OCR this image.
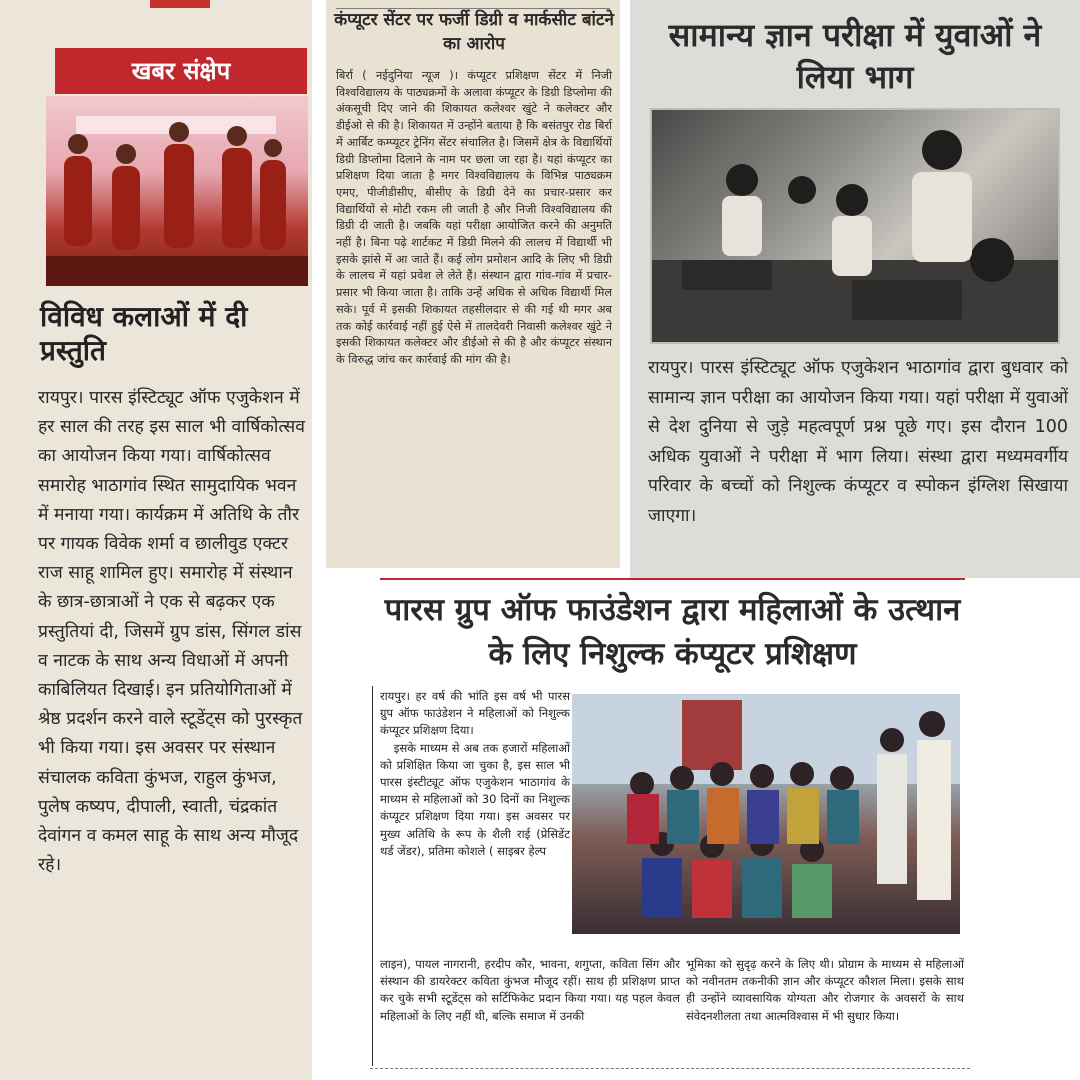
खबर संक्षेप
विविध कलाओं में दी प्रस्तुति

रायपुर। पारस इंस्टिट्यूट ऑफ एजुकेशन में हर साल की तरह इस साल भी वार्षिकोत्सव का आयोजन किया गया। वार्षिकोत्सव समारोह भाठागांव स्थित सामुदायिक भवन में मनाया गया। कार्यक्रम में अतिथि के तौर पर गायक विवेक शर्मा व छालीवुड एक्टर राज साहू शामिल हुए। समारोह में संस्थान के छात्र-छात्राओं ने एक से बढ़कर एक प्रस्तुतियां दी, जिसमें ग्रुप डांस, सिंगल डांस व नाटक के साथ अन्य विधाओं में अपनी काबिलियत दिखाई। इन प्रतियोगिताओं में श्रेष्ठ प्रदर्शन करने वाले स्टूडेंट्स को पुरस्कृत भी किया गया। इस अवसर पर संस्थान संचालक कविता कुंभज, राहुल कुंभज, पुलेष कष्यप, दीपाली, स्वाती, चंद्रकांत देवांगन व कमल साहू के साथ अन्य मौजूद रहे।

कंप्यूटर सेंटर पर फर्जी डिग्री व मार्कसीट बांटने का आरोप

बिर्रा ( नईदुनिया न्यूज )। कंप्यूटर प्रशिक्षण सेंटर में निजी विश्वविद्यालय के पाठ्यक्रमों के अलावा कंप्यूटर के डिग्री डिप्लोमा की अंकसूची दिए जाने की शिकायत कलेश्वर खुंटे ने कलेक्टर और डीईओ से की है। शिकायत में उन्होंने बताया है कि बसंतपुर रोड बिर्रा में आर्बिट कम्प्यूटर ट्रेनिंग सेंटर संचालित है। जिसमें क्षेत्र के विद्यार्थियों डिग्री डिप्लोमा दिलाने के नाम पर छला जा रहा है। यहां कंप्यूटर का प्रशिक्षण दिया जाता है मगर विश्वविद्यालय के विभिन्न पाठ्यक्रम एमए, पीजीडीसीए, बीसीए के डिग्री देने का प्रचार-प्रसार कर विद्यार्थियों से मोटी रकम ली जाती है और निजी विश्वविद्यालय की डिग्री दी जाती है। जबकि यहां परीक्षा आयोजित करने की अनुमति नहीं है। बिना पढ़े शार्टकट में डिग्री मिलने की लालच में विद्यार्थी भी इसके झांसे में आ जाते हैं। कई लोग प्रमोशन आदि के लिए भी डिग्री के लालच में यहां प्रवेश ले लेते हैं। संस्थान द्वारा गांव-गांव में प्रचार-प्रसार भी किया जाता है। ताकि उन्हें अधिक से अधिक विद्यार्थी मिल सके। पूर्व में इसकी शिकायत तहसीलदार से की गई थी मगर अब तक कोई कार्रवाई नहीं हुई ऐसे में तालदेवरी निवासी कलेश्वर खुंटे ने इसकी शिकायत कलेक्टर और डीईओ से की है और कंप्यूटर संस्थान के विरुद्ध जांच कर कार्रवाई की मांग की है।

सामान्य ज्ञान परीक्षा में युवाओं ने लिया भाग

रायपुर। पारस इंस्टिट्यूट ऑफ एजुकेशन भाठागांव द्वारा बुधवार को सामान्य ज्ञान परीक्षा का आयोजन किया गया। यहां परीक्षा में युवाओं से देश दुनिया से जुड़े महत्वपूर्ण प्रश्न पूछे गए। इस दौरान 100 अधिक युवाओं ने परीक्षा में भाग लिया। संस्था द्वारा मध्यमवर्गीय परिवार के बच्चों को निशुल्क कंप्यूटर व स्पोकन इंग्लिश सिखाया जाएगा।

पारस ग्रुप ऑफ फाउंडेशन द्वारा महिलाओं के उत्थान के लिए निशुल्क कंप्यूटर प्रशिक्षण

रायपुर। हर वर्ष की भांति इस वर्ष भी पारस ग्रुप ऑफ फाउंडेशन ने महिलाओं को निशुल्क कंप्यूटर प्रशिक्षण दिया।

इसके माध्यम से अब तक हजारों महिलाओं को प्रशिक्षित किया जा चुका है, इस साल भी पारस इंस्टीट्यूट ऑफ एजुकेशन भाठागांव के माध्यम से महिलाओं को 30 दिनों का निशुल्क कंप्यूटर प्रशिक्षण दिया गया। इस अवसर पर मुख्य अतिथि के रूप के शैली राई (प्रेसिडेंट थर्ड जेंडर), प्रतिमा कोशले ( साइबर हेल्प

लाइन), पायल नागरानी, हरदीप कौर, भावना, शगुप्ता, कविता सिंग और संस्थान की डायरेक्टर कविता कुंभज मौजूद रहीं। साथ ही प्रशिक्षण प्राप्त कर चुके सभी स्टूडेंट्स को सर्टिफिकेट प्रदान किया गया। यह पहल केवल महिलाओं के लिए नहीं थी, बल्कि समाज में उनकी

भूमिका को सुदृढ़ करने के लिए थी। प्रोग्राम के माध्यम से महिलाओं को नवीनतम तकनीकी ज्ञान और कंप्यूटर कौशल मिला। इसके साथ ही उन्होंने व्यावसायिक योग्यता और रोजगार के अवसरों के साथ संवेदनशीलता तथा आत्मविश्वास में भी सुधार किया।
